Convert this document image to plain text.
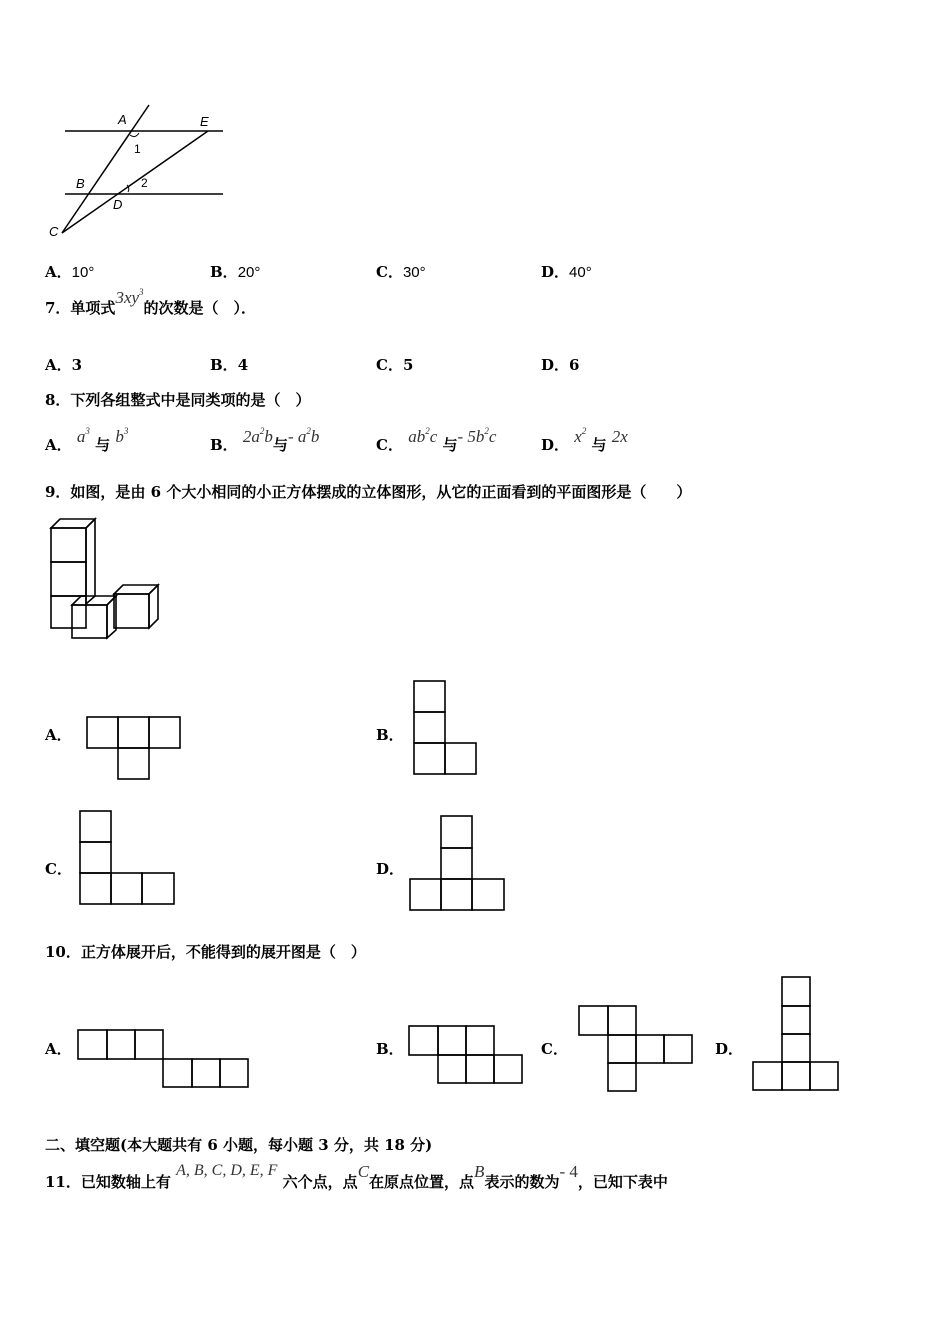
A	E
1
B	2
D
C
A．10°	B．20°	C．30°	D．40°
7．单项式$3xy^3$的次数是（　）．
A．3	B．4	C．5	D．6
8．下列各组整式中是同类项的是（　）
A． $a^3$ 与 $b^3$
B． $2a^2b$与- $a^2b$	C． $ab^2c$ 与- $5b^2c$	D． $x^2$ 与 2x
9．如图，是由 6 个大小相同的小正方体摆成的立体图形，从它的正面看到的平面图形是（　　）
A．	B．
C．	D．
10．正方体展开后，不能得到的展开图是（　）
A．	B．	C．	D．
二、填空题(本大题共有 6 小题，每小题 3 分，共 18 分)
11．已知数轴上有 A, B, C, D, E, F 六个点，点C在原点位置，点B表示的数为- 4，已知下表中
